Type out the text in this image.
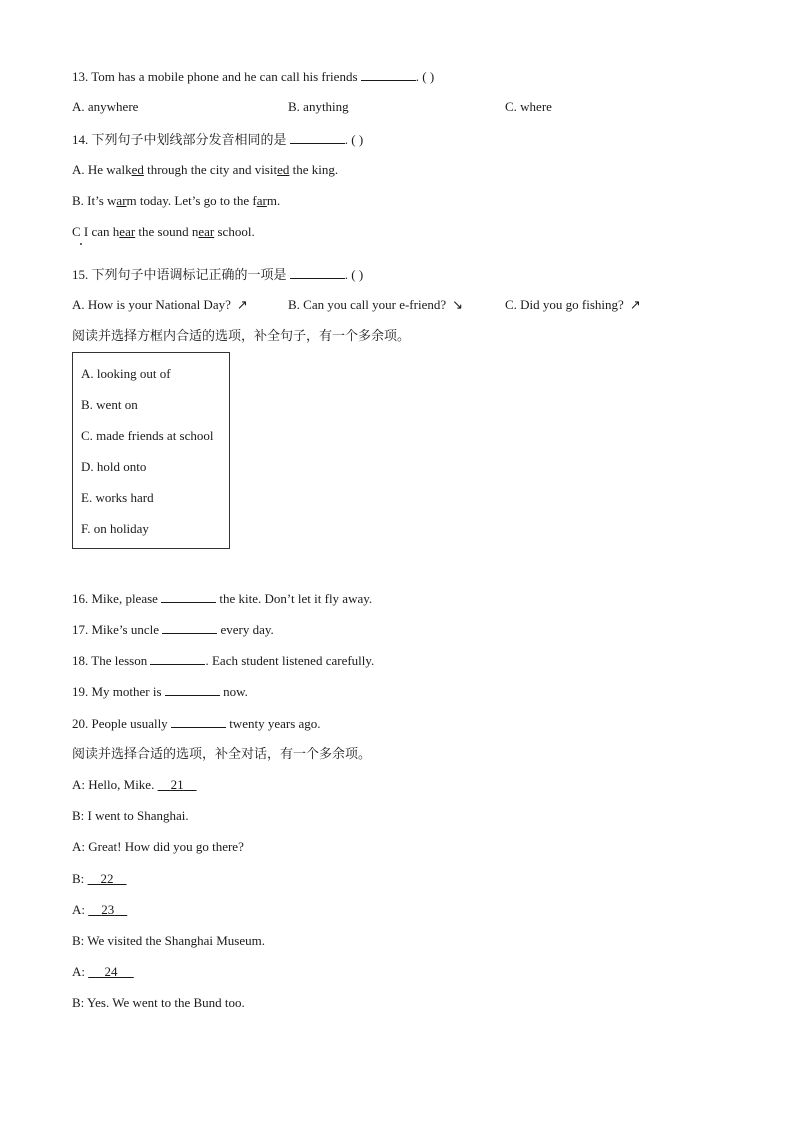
13. Tom has a mobile phone and he can call his friends	. ( )
A. anywhere	B. anything	C. where
14. 下列句子中划线部分发音相同的是	. ( )
A. He walked through the city and visited the king.
B. It’s warm today. Let’s go to the farm.
C I can hear the sound near school.
15. 下列句子中语调标记正确的一项是	. ( )
A. How is your National Day? ↗	B. Can you call your e-friend? ↘	C. Did you go fishing? ↗
阅读并选择方框内合适的选项，补全句子，有一个多余项。
A. looking out of
B. went on
C. made friends at school
D. hold onto
E. works hard
F. on holiday
16. Mike, please	the kite. Don’t let it fly away.
17. Mike’s uncle	every day.
18. The lesson	. Each student listened carefully.
19. My mother is	now.
20. People usually	twenty years ago.
阅读并选择合适的选项，补全对话，有一个多余项。
A: Hello, Mike.     21
B: I went to Shanghai.
A: Great! How did you go there?
B:     22
A:     23
B: We visited the Shanghai Museum.
A:      24
B: Yes. We went to the Bund too.
